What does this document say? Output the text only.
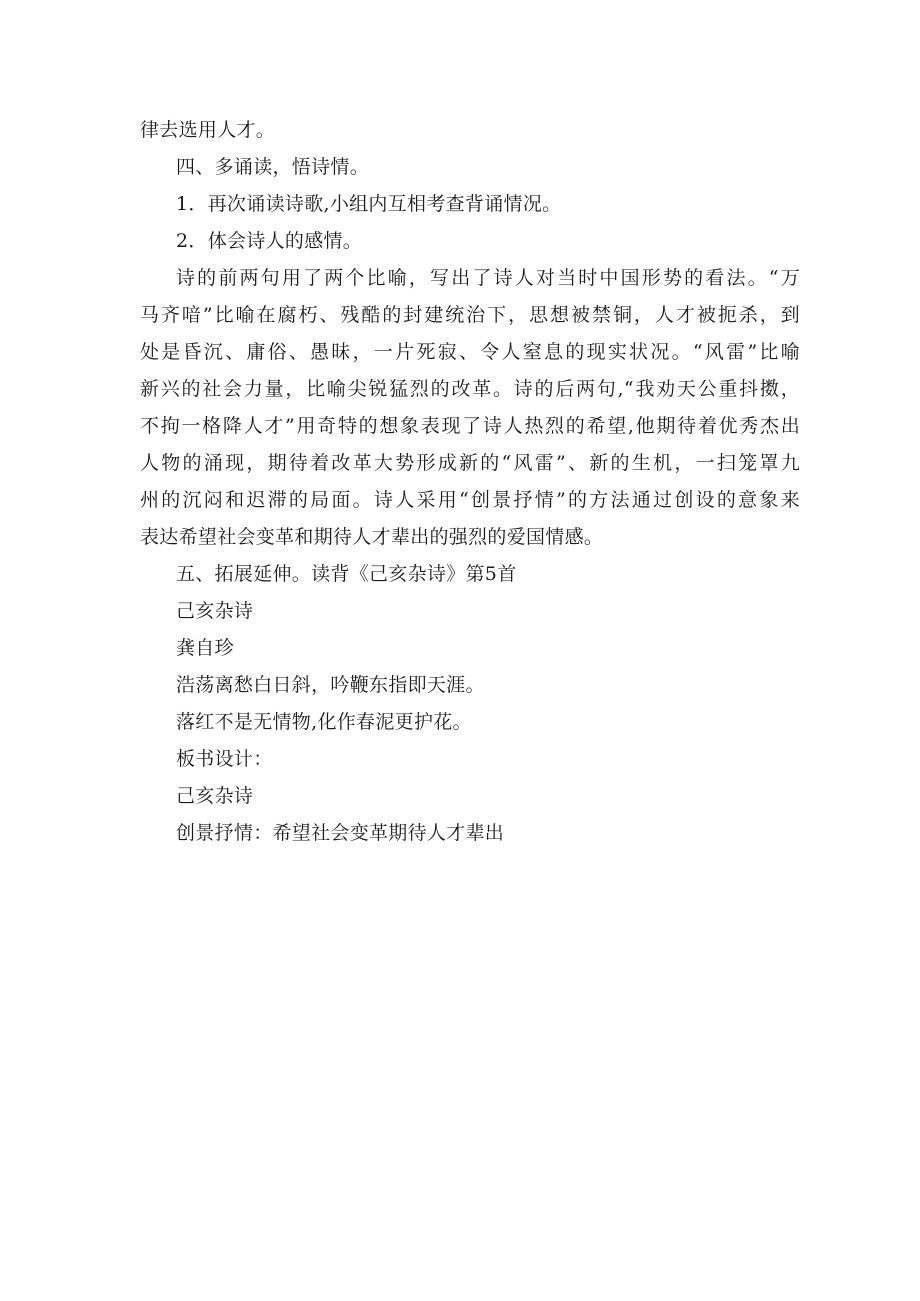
律去选用人才。
四、多诵读，悟诗情。
1．再次诵读诗歌,小组内互相考查背诵情况。
2．体会诗人的感情。
诗的前两句用了两个比喻，写出了诗人对当时中国形势的看法。“万
马齐喑”比喻在腐朽、残酷的封建统治下，思想被禁铜，人才被扼杀，到
处是昏沉、庸俗、愚昧，一片死寂、令人窒息的现实状况。“风雷”比喻
新兴的社会力量，比喻尖锐猛烈的改革。诗的后两句,“我劝天公重抖擞，
不拘一格降人才”用奇特的想象表现了诗人热烈的希望,他期待着优秀杰出
人物的涌现，期待着改革大势形成新的“风雷”、新的生机，一扫笼罩九
州的沉闷和迟滞的局面。诗人采用“创景抒情”的方法通过创设的意象来
表达希望社会变革和期待人才辈出的强烈的爱国情感。
五、拓展延伸。读背《己亥杂诗》第5首
己亥杂诗
龚自珍
浩荡离愁白日斜，吟鞭东指即天涯。
落红不是无情物,化作春泥更护花。
板书设计：
己亥杂诗
创景抒情：希望社会变革期待人才辈出
